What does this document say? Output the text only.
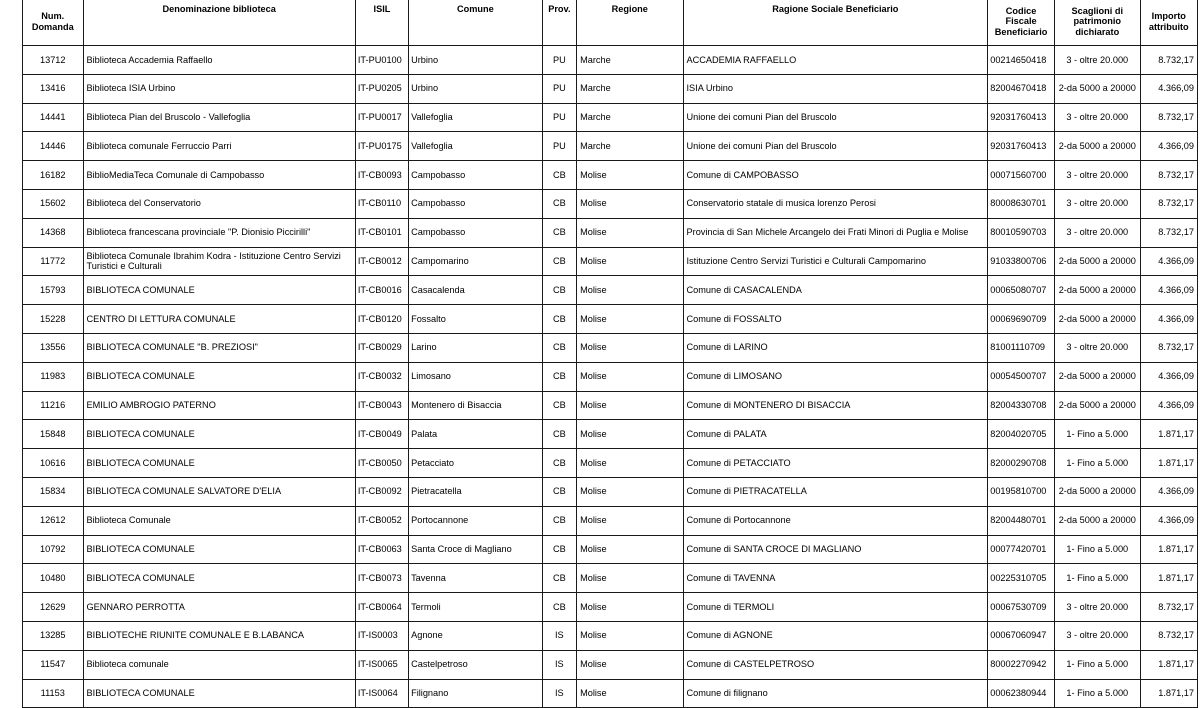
Num. Domanda	Denominazione biblioteca	ISIL	Comune	Prov.	Regione	Ragione Sociale Beneficiario	Codice Fiscale Beneficiario	Scaglioni di patrimonio dichiarato	Importo attribuito
13712	Biblioteca Accademia Raffaello	IT-PU0100	Urbino	PU	Marche	ACCADEMIA RAFFAELLO	00214650418	3 - oltre 20.000	8.732,17
13416	Biblioteca ISIA Urbino	IT-PU0205	Urbino	PU	Marche	ISIA Urbino	82004670418	2-da 5000 a 20000	4.366,09
14441	Biblioteca Pian del Bruscolo - Vallefoglia	IT-PU0017	Vallefoglia	PU	Marche	Unione dei comuni Pian del Bruscolo	92031760413	3 - oltre 20.000	8.732,17
14446	Biblioteca comunale Ferruccio Parri	IT-PU0175	Vallefoglia	PU	Marche	Unione dei comuni Pian del Bruscolo	92031760413	2-da 5000 a 20000	4.366,09
16182	BiblioMediaTeca Comunale di Campobasso	IT-CB0093	Campobasso	CB	Molise	Comune di CAMPOBASSO	00071560700	3 - oltre 20.000	8.732,17
15602	Biblioteca del Conservatorio	IT-CB0110	Campobasso	CB	Molise	Conservatorio statale di musica lorenzo Perosi	80008630701	3 - oltre 20.000	8.732,17
14368	Biblioteca francescana provinciale "P. Dionisio Piccirilli"	IT-CB0101	Campobasso	CB	Molise	Provincia di San Michele Arcangelo dei Frati Minori di Puglia e Molise	80010590703	3 - oltre 20.000	8.732,17
11772	Biblioteca Comunale Ibrahim Kodra - Istituzione Centro Servizi Turistici e Culturali	IT-CB0012	Campomarino	CB	Molise	Istituzione Centro Servizi Turistici e Culturali Campomarino	91033800706	2-da 5000 a 20000	4.366,09
15793	BIBLIOTECA COMUNALE	IT-CB0016	Casacalenda	CB	Molise	Comune di CASACALENDA	00065080707	2-da 5000 a 20000	4.366,09
15228	CENTRO DI LETTURA COMUNALE	IT-CB0120	Fossalto	CB	Molise	Comune di FOSSALTO	00069690709	2-da 5000 a 20000	4.366,09
13556	BIBLIOTECA COMUNALE "B. PREZIOSI"	IT-CB0029	Larino	CB	Molise	Comune di LARINO	81001110709	3 - oltre 20.000	8.732,17
11983	BIBLIOTECA COMUNALE	IT-CB0032	Limosano	CB	Molise	Comune di LIMOSANO	00054500707	2-da 5000 a 20000	4.366,09
11216	EMILIO AMBROGIO PATERNO	IT-CB0043	Montenero di Bisaccia	CB	Molise	Comune di MONTENERO DI BISACCIA	82004330708	2-da 5000 a 20000	4.366,09
15848	BIBLIOTECA COMUNALE	IT-CB0049	Palata	CB	Molise	Comune di PALATA	82004020705	1- Fino a 5.000	1.871,17
10616	BIBLIOTECA COMUNALE	IT-CB0050	Petacciato	CB	Molise	Comune di PETACCIATO	82000290708	1- Fino a 5.000	1.871,17
15834	BIBLIOTECA COMUNALE SALVATORE D'ELIA	IT-CB0092	Pietracatella	CB	Molise	Comune di PIETRACATELLA	00195810700	2-da 5000 a 20000	4.366,09
12612	Biblioteca Comunale	IT-CB0052	Portocannone	CB	Molise	Comune di Portocannone	82004480701	2-da 5000 a 20000	4.366,09
10792	BIBLIOTECA COMUNALE	IT-CB0063	Santa Croce di Magliano	CB	Molise	Comune di SANTA CROCE DI MAGLIANO	00077420701	1- Fino a 5.000	1.871,17
10480	BIBLIOTECA COMUNALE	IT-CB0073	Tavenna	CB	Molise	Comune di TAVENNA	00225310705	1- Fino a 5.000	1.871,17
12629	GENNARO PERROTTA	IT-CB0064	Termoli	CB	Molise	Comune di TERMOLI	00067530709	3 - oltre 20.000	8.732,17
13285	BIBLIOTECHE RIUNITE COMUNALE E B.LABANCA	IT-IS0003	Agnone	IS	Molise	Comune di AGNONE	00067060947	3 - oltre 20.000	8.732,17
11547	Biblioteca comunale	IT-IS0065	Castelpetroso	IS	Molise	Comune di CASTELPETROSO	80002270942	1- Fino a 5.000	1.871,17
11153	BIBLIOTECA COMUNALE	IT-IS0064	Filignano	IS	Molise	Comune di filignano	00062380944	1- Fino a 5.000	1.871,17
